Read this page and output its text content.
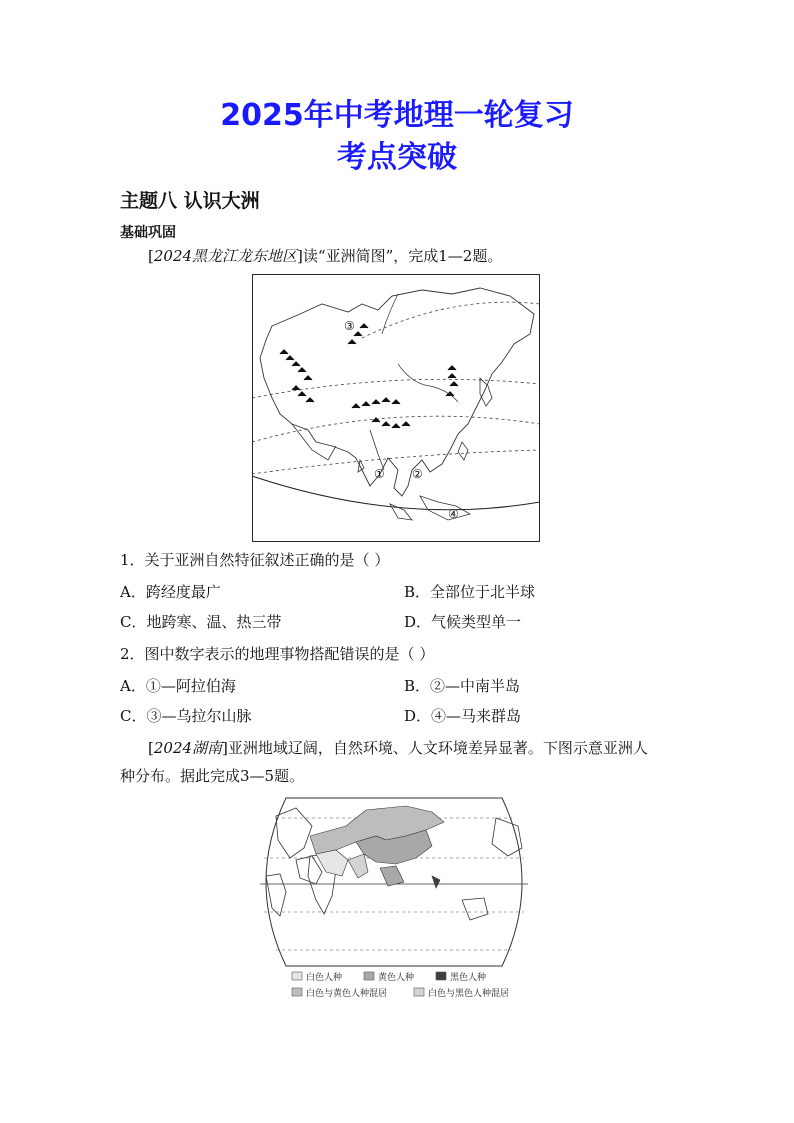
2025年中考地理一轮复习
考点突破
主题八 认识大洲
基础巩固
[2024黑龙江龙东地区]读“亚洲简图”，完成1—2题。
① ②
③
④
1．关于亚洲自然特征叙述正确的是（ ）
A．跨经度最广	B．全部位于北半球
C．地跨寒、温、热三带	D．气候类型单一
2．图中数字表示的地理事物搭配错误的是（ ）
A．①—阿拉伯海	B．②—中南半岛
C．③—乌拉尔山脉	D．④—马来群岛
[2024湖南]亚洲地域辽阔，自然环境、人文环境差异显著。下图示意亚洲人
种分布。据此完成3—5题。
白色人种	黄色人种	黑色人种
白色与黄色人种混居	白色与黑色人种混居
